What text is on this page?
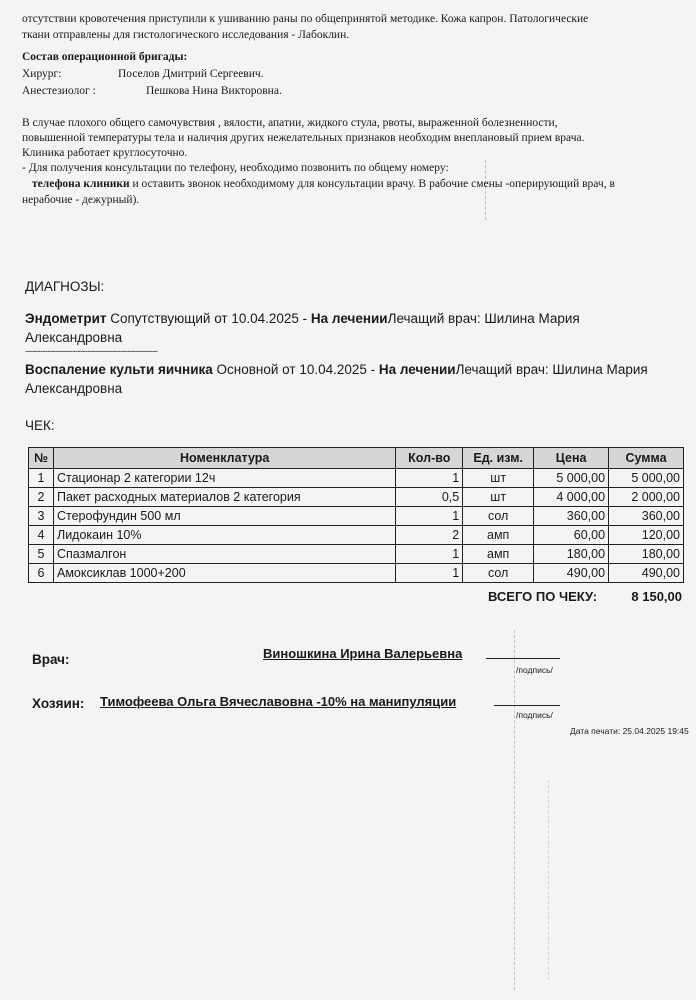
отсутствии кровотечения приступили к ушиванию раны по общепринятой методике. Кожа капрон. Патологические
ткани отправлены для гистологического исследования - Лабоклин.
Состав операционной бригады:
Хирург:	Поселов Дмитрий Сергеевич.
Анестезиолог :	Пешкова Нина Викторовна.
В случае плохого общего самочувствия , вялости, апатии, жидкого стула, рвоты, выраженной болезненности,
повышенной температуры тела и наличия других нежелательных признаков необходим внеплановый прием врача.
Клиника работает круглосуточно.
- Для получения консультации по телефону, необходимо позвонить по общему номеру:
телефона клиники и оставить звонок необходимому для консультации врачу. В рабочие смены -оперирующий врач, в
нерабочие - дежурный).
ДИАГНОЗЫ:
Эндометрит Сопутствующий от 10.04.2025 - На леченииЛечащий врач: Шилина Мария
Александровна
-----------------------------------------------------
Воспаление культи яичника Основной от 10.04.2025 - На леченииЛечащий врач: Шилина Мария
Александровна
ЧЕК:
№	Номенклатура	Кол-во	Ед. изм.	Цена	Сумма
1	Стационар 2 категории 12ч	1	шт	5 000,00	5 000,00
2	Пакет расходных материалов 2 категория	0,5	шт	4 000,00	2 000,00
3	Стерофундин 500 мл	1	сол	360,00	360,00
4	Лидокаин 10%	2	амп	60,00	120,00
5	Спазмалгон	1	амп	180,00	180,00
6	Амоксиклав 1000+200	1	сол	490,00	490,00
ВСЕГО ПО ЧЕКУ:	8 150,00
Врач:	Виношкина Ирина Валерьевна
/подпись/
Хозяин: Тимофеева Ольга Вячеславовна -10% на манипуляции
/подпись/
Дата печати: 25.04.2025 19:45
